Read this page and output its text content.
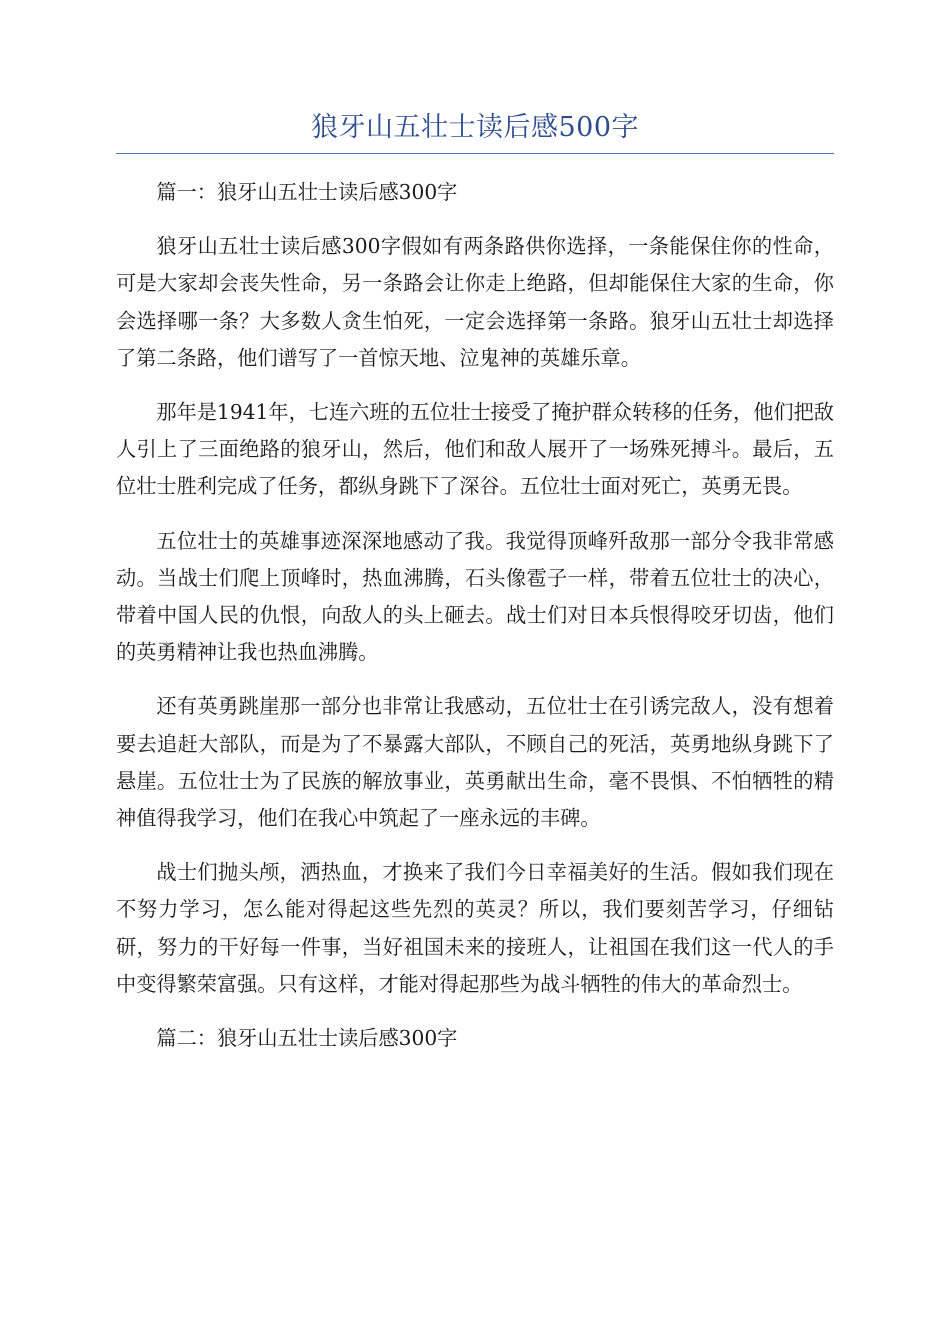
狼牙山五壮士读后感500字

篇一：狼牙山五壮士读后感300字

狼牙山五壮士读后感300字假如有两条路供你选择，一条能保住你的性命，可是大家却会丧失性命，另一条路会让你走上绝路，但却能保住大家的生命，你会选择哪一条？大多数人贪生怕死，一定会选择第一条路。狼牙山五壮士却选择了第二条路，他们谱写了一首惊天地、泣鬼神的英雄乐章。

那年是1941年，七连六班的五位壮士接受了掩护群众转移的任务，他们把敌人引上了三面绝路的狼牙山，然后，他们和敌人展开了一场殊死搏斗。最后，五位壮士胜利完成了任务，都纵身跳下了深谷。五位壮士面对死亡，英勇无畏。

五位壮士的英雄事迹深深地感动了我。我觉得顶峰歼敌那一部分令我非常感动。当战士们爬上顶峰时，热血沸腾，石头像雹子一样，带着五位壮士的决心，带着中国人民的仇恨，向敌人的头上砸去。战士们对日本兵恨得咬牙切齿，他们的英勇精神让我也热血沸腾。

还有英勇跳崖那一部分也非常让我感动，五位壮士在引诱完敌人，没有想着要去追赶大部队，而是为了不暴露大部队，不顾自己的死活，英勇地纵身跳下了悬崖。五位壮士为了民族的解放事业，英勇献出生命，毫不畏惧、不怕牺牲的精神值得我学习，他们在我心中筑起了一座永远的丰碑。

战士们抛头颅，洒热血，才换来了我们今日幸福美好的生活。假如我们现在不努力学习，怎么能对得起这些先烈的英灵？所以，我们要刻苦学习，仔细钻研，努力的干好每一件事，当好祖国未来的接班人，让祖国在我们这一代人的手中变得繁荣富强。只有这样，才能对得起那些为战斗牺牲的伟大的革命烈士。

篇二：狼牙山五壮士读后感300字
